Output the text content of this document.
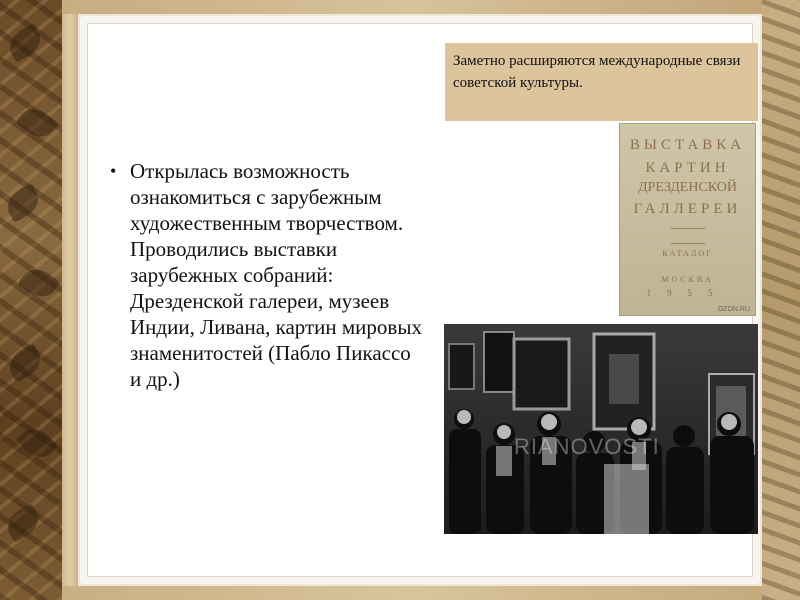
Заметно расширяются международные связи советской культуры.
• Открылась возможность ознакомиться с зарубежным художественным творчеством. Проводились выставки зарубежных собраний: Дрезденской галереи, музеев Индии, Ливана, картин мировых знаменитостей (Пабло Пикассо и др.)
ВЫСТАВКА
КАРТИН
ДРЕЗДЕНСКОЙ
ГАЛЛЕРЕИ
КАТАЛОГ
МОСКВА
1955
OZON.RU
RIANOVOSTI
